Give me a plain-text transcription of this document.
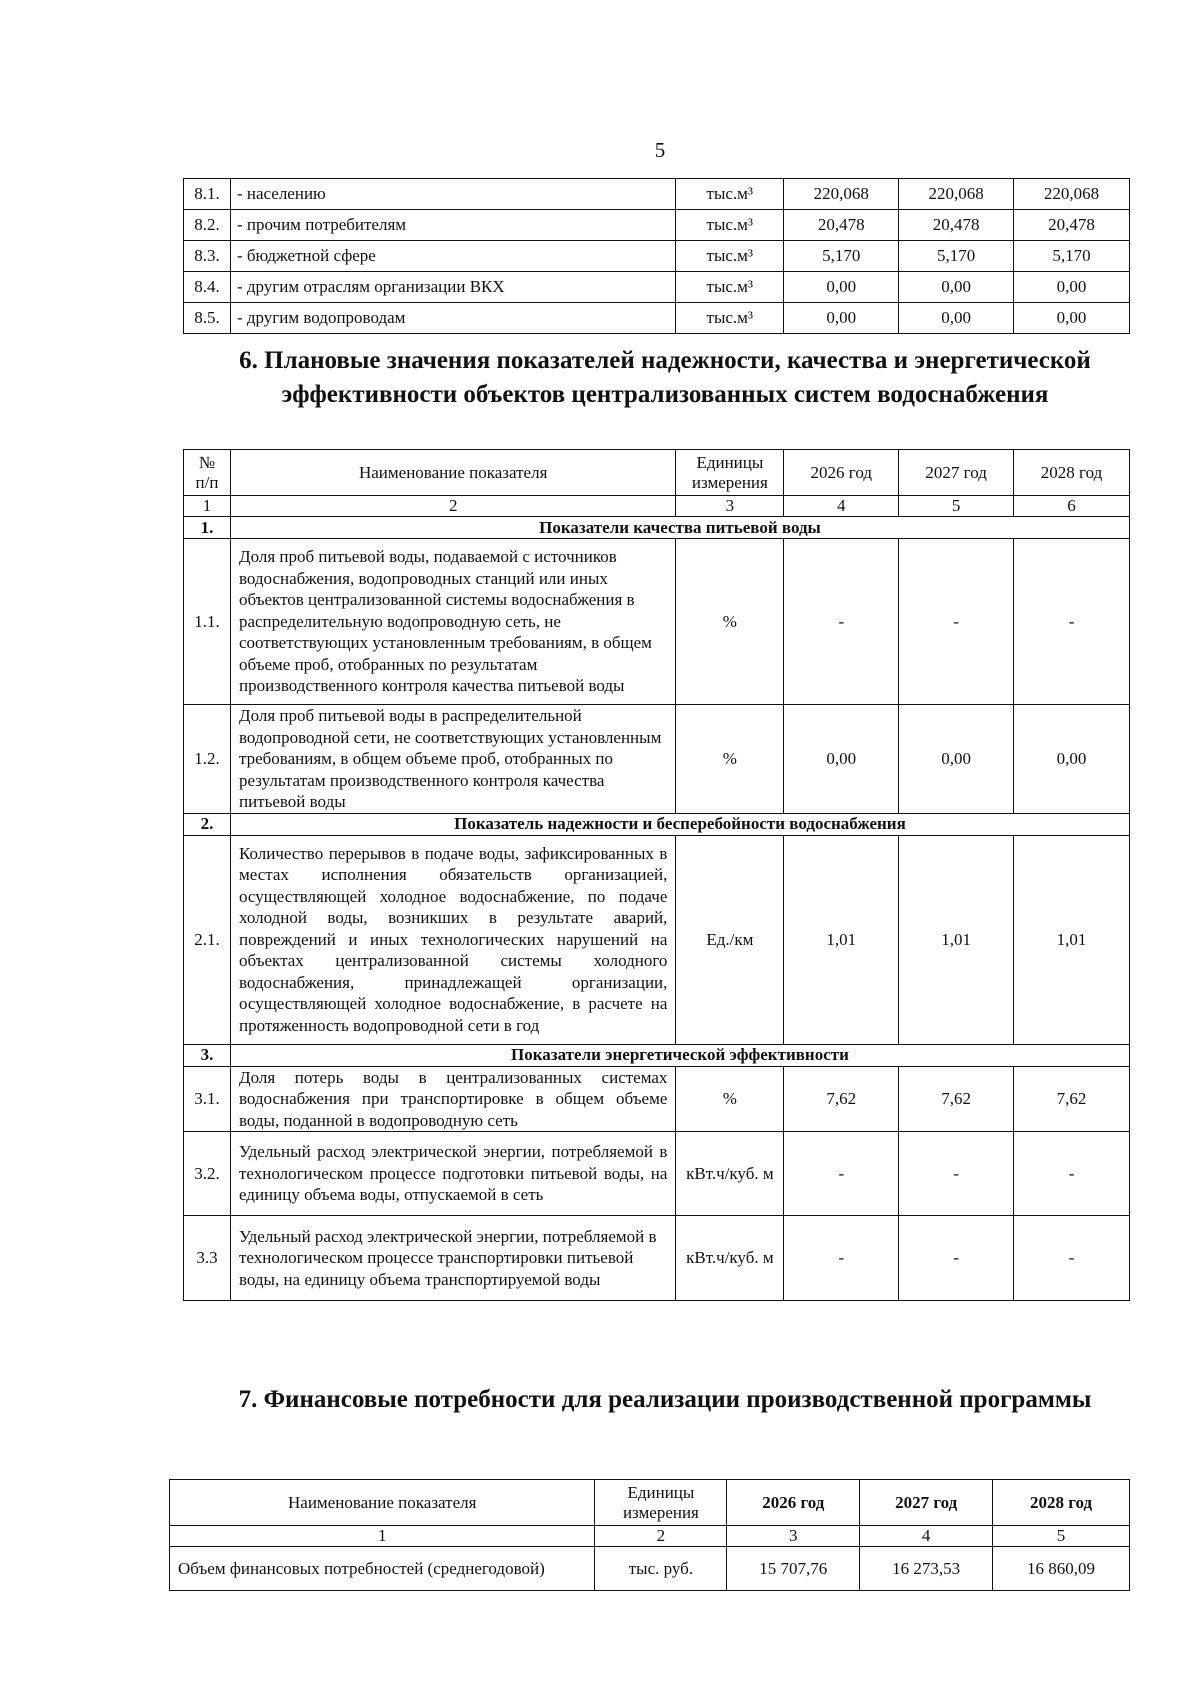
5
8.1.	- населению	тыс.м³	220,068	220,068	220,068
8.2.	- прочим потребителям	тыс.м³	20,478	20,478	20,478
8.3.	- бюджетной сфере	тыс.м³	5,170	5,170	5,170
8.4.	- другим отраслям организации ВКХ	тыс.м³	0,00	0,00	0,00
8.5.	- другим водопроводам	тыс.м³	0,00	0,00	0,00
6. Плановые значения показателей надежности, качества и энергетической эффективности объектов централизованных систем водоснабжения
№ п/п	Наименование показателя	Единицы измерения	2026 год	2027 год	2028 год
1	2	3	4	5	6
1.	Показатели качества питьевой воды				
1.1.	Доля проб питьевой воды, подаваемой с источников водоснабжения, водопроводных станций или иных объектов централизованной системы водоснабжения в распределительную водопроводную сеть, не соответствующих установленным требованиям, в общем объеме проб, отобранных по результатам производственного контроля качества питьевой воды	%	-	-	-
1.2.	Доля проб питьевой воды в распределительной водопроводной сети, не соответствующих установленным требованиям, в общем объеме проб, отобранных по результатам производственного контроля качества питьевой воды	%	0,00	0,00	0,00
2.	Показатель надежности и бесперебойности водоснабжения				
2.1.	Количество перерывов в подаче воды, зафиксированных в местах исполнения обязательств организацией, осуществляющей холодное водоснабжение, по подаче холодной воды, возникших в результате аварий, повреждений и иных технологических нарушений на объектах централизованной системы холодного водоснабжения, принадлежащей организации, осуществляющей холодное водоснабжение, в расчете на протяженность водопроводной сети в год	Ед./км	1,01	1,01	1,01
3.	Показатели энергетической эффективности				
3.1.	Доля потерь воды в централизованных системах водоснабжения при транспортировке в общем объеме воды, поданной в водопроводную сеть	%	7,62	7,62	7,62
3.2.	Удельный расход электрической энергии, потребляемой в технологическом процессе подготовки питьевой воды, на единицу объема воды, отпускаемой в сеть	кВт.ч/куб. м	-	-	-
3.3	Удельный расход электрической энергии, потребляемой в технологическом процессе транспортировки питьевой воды, на единицу объема транспортируемой воды	кВт.ч/куб. м	-	-	-
7. Финансовые потребности для реализации производственной программы
Наименование показателя	Единицы измерения	2026 год	2027 год	2028 год
1	2	3	4	5
Объем финансовых потребностей (среднегодовой)	тыс. руб.	15 707,76	16 273,53	16 860,09
